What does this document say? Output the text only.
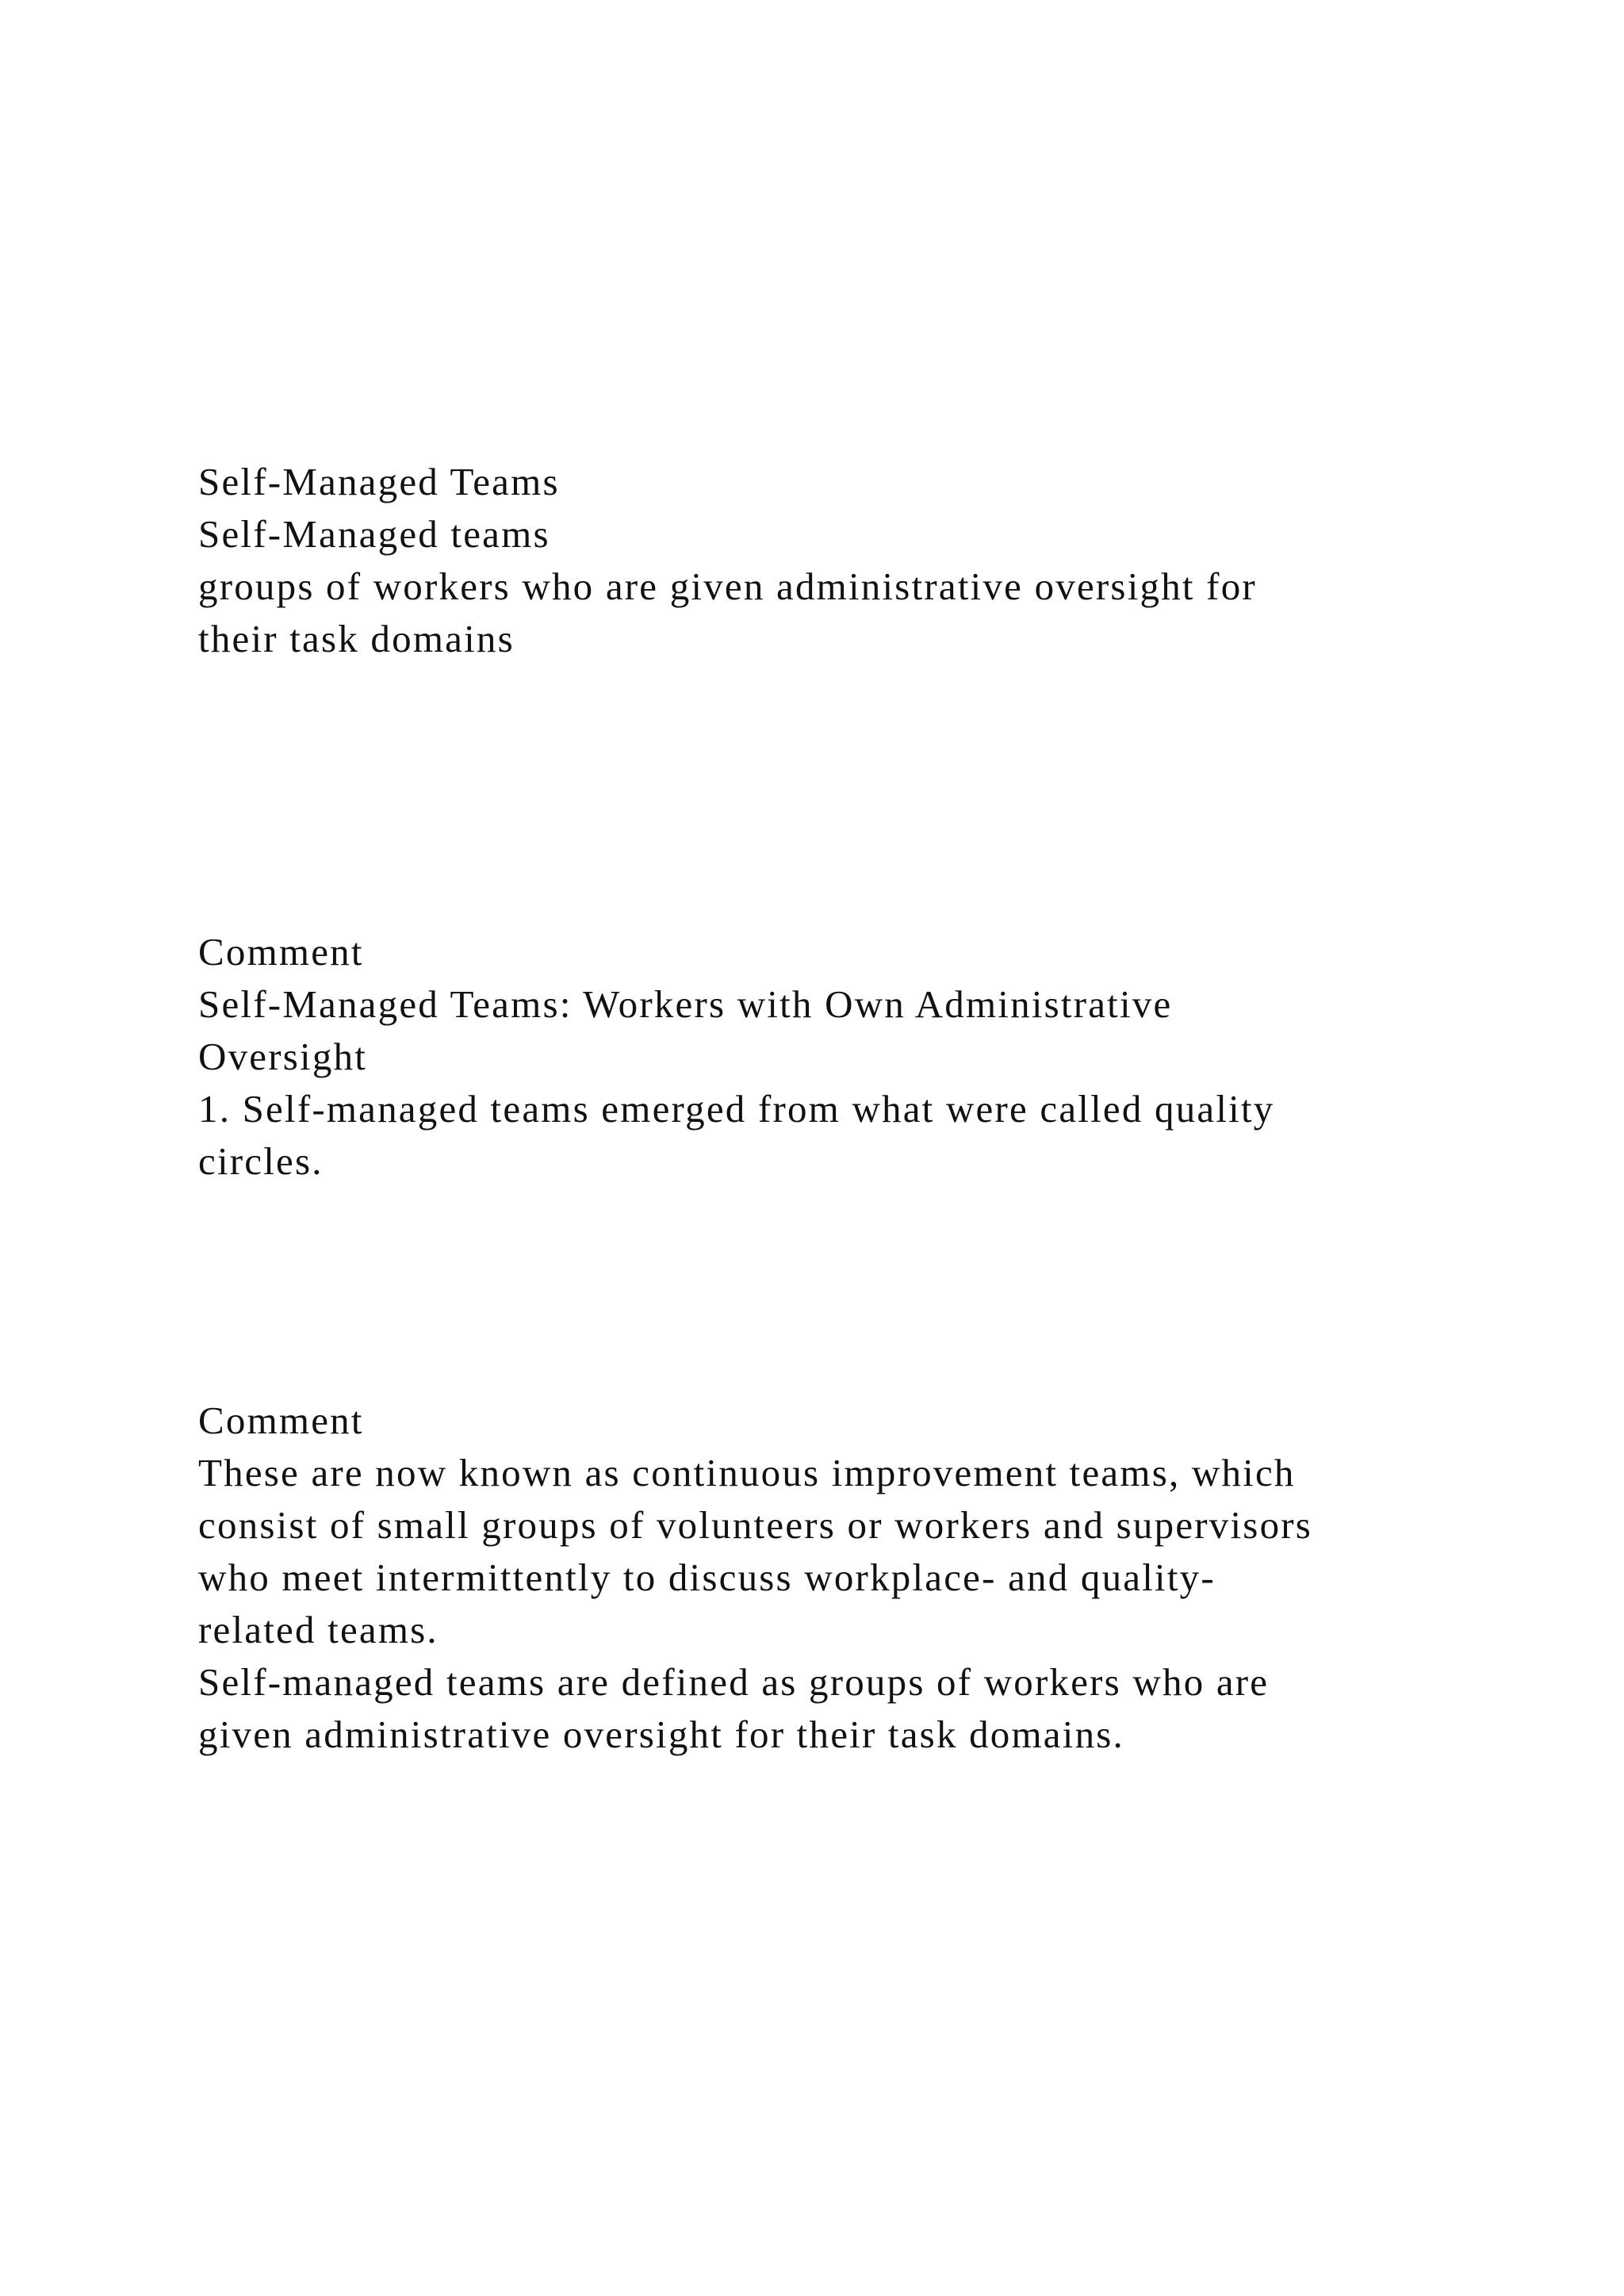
Self-Managed Teams
Self-Managed teams
groups of workers who are given administrative oversight for
their task domains
Comment
Self-Managed Teams: Workers with Own Administrative
Oversight
1. Self-managed teams emerged from what were called quality
circles.
Comment
These are now known as continuous improvement teams, which
consist of small groups of volunteers or workers and supervisors
who meet intermittently to discuss workplace- and quality-
related teams.
Self-managed teams are defined as groups of workers who are
given administrative oversight for their task domains.
